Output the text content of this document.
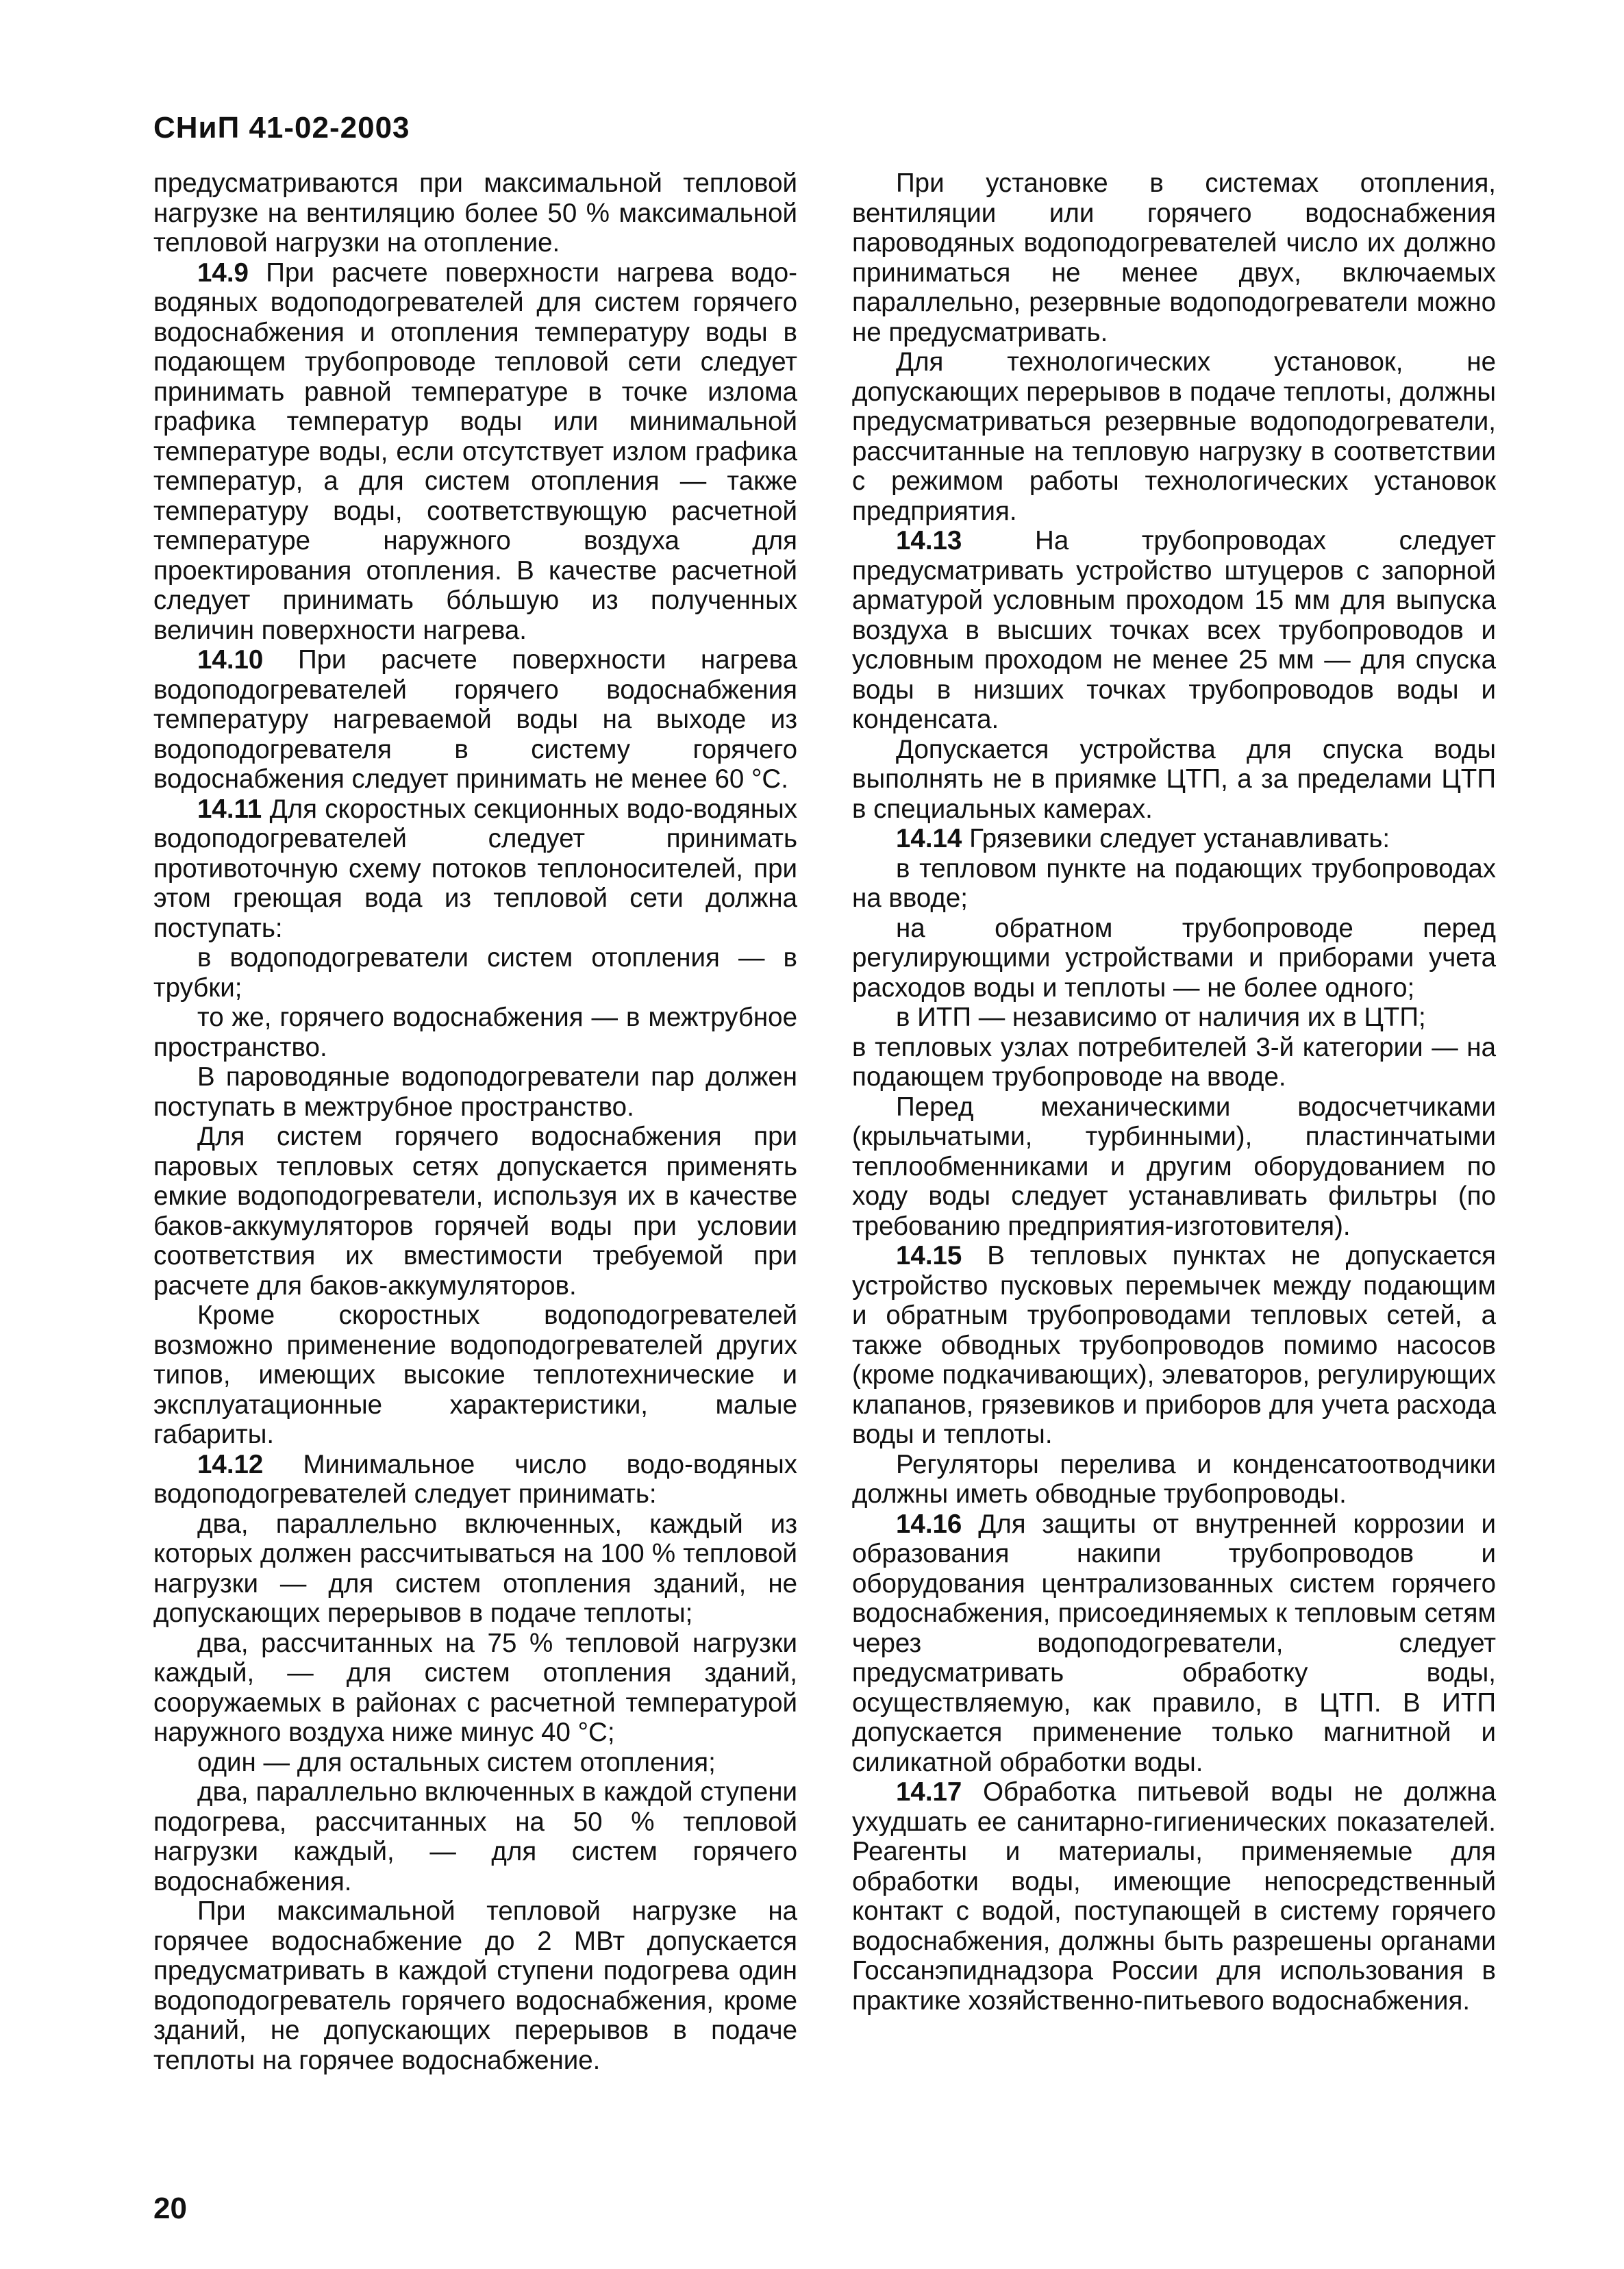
СНиП 41-02-2003

предусматриваются при максимальной тепловой нагрузке на вентиляцию более 50 % максимальной тепловой нагрузки на отопление.

14.9 При расчете поверхности нагрева водо-водяных водоподогревателей для систем горячего водоснабжения и отопления температуру воды в подающем трубопроводе тепловой сети следует принимать равной температуре в точке излома графика температур воды или минимальной температуре воды, если отсутствует излом графика температур, а для систем отопления — также температуру воды, соответствующую расчетной температуре наружного воздуха для проектирования отопления. В качестве расчетной следует принимать бóльшую из полученных величин поверхности нагрева.

14.10 При расчете поверхности нагрева водоподогревателей горячего водоснабжения температуру нагреваемой воды на выходе из водоподогревателя в систему горячего водоснабжения следует принимать не менее 60 °С.

14.11 Для скоростных секционных водо-водяных водоподогревателей следует принимать противоточную схему потоков теплоносителей, при этом греющая вода из тепловой сети должна поступать:

в водоподогреватели систем отопления — в трубки;

то же, горячего водоснабжения — в межтрубное пространство.

В пароводяные водоподогреватели пар должен поступать в межтрубное пространство.

Для систем горячего водоснабжения при паровых тепловых сетях допускается применять емкие водоподогреватели, используя их в качестве баков-аккумуляторов горячей воды при условии соответствия их вместимости требуемой при расчете для баков-аккумуляторов.

Кроме скоростных водоподогревателей возможно применение водоподогревателей других типов, имеющих высокие теплотехнические и эксплуатационные характеристики, малые габариты.

14.12 Минимальное число водо-водяных водоподогревателей следует принимать:

два, параллельно включенных, каждый из которых должен рассчитываться на 100 % тепловой нагрузки — для систем отопления зданий, не допускающих перерывов в подаче теплоты;

два, рассчитанных на 75 % тепловой нагрузки каждый, — для систем отопления зданий, сооружаемых в районах с расчетной температурой наружного воздуха ниже минус 40 °С;

один — для остальных систем отопления;

два, параллельно включенных в каждой ступени подогрева, рассчитанных на 50 % тепловой нагрузки каждый, — для систем горячего водоснабжения.

При максимальной тепловой нагрузке на горячее водоснабжение до 2 МВт допускается предусматривать в каждой ступени подогрева один водоподогреватель горячего водоснабжения, кроме зданий, не допускающих перерывов в подаче теплоты на горячее водоснабжение.

При установке в системах отопления, вентиляции или горячего водоснабжения пароводяных водоподогревателей число их должно приниматься не менее двух, включаемых параллельно, резервные водоподогреватели можно не предусматривать.

Для технологических установок, не допускающих перерывов в подаче теплоты, должны предусматриваться резервные водоподогреватели, рассчитанные на тепловую нагрузку в соответствии с режимом работы технологических установок предприятия.

14.13	На трубопроводах следует предусматривать устройство штуцеров с запорной арматурой условным проходом 15 мм для выпуска воздуха в высших точках всех трубопроводов и условным проходом не менее 25 мм — для спуска воды в низших точках трубопроводов воды и конденсата.

Допускается устройства для спуска воды выполнять не в приямке ЦТП, а за пределами ЦТП в специальных камерах.

14.14 Грязевики следует устанавливать:

в тепловом пункте на подающих трубопроводах на вводе;

на обратном трубопроводе перед регулирующими устройствами и приборами учета расходов воды и теплоты — не более одного;

в ИТП — независимо от наличия их в ЦТП;

в тепловых узлах потребителей 3-й категории — на подающем трубопроводе на вводе.

Перед механическими водосчетчиками (крыльчатыми, турбинными), пластинчатыми теплообменниками и другим оборудованием по ходу воды следует устанавливать фильтры (по требованию предприятия-изготовителя).

14.15 В тепловых пунктах не допускается устройство пусковых перемычек между подающим и обратным трубопроводами тепловых сетей, а также обводных трубопроводов помимо насосов (кроме подкачивающих), элеваторов, регулирующих клапанов, грязевиков и приборов для учета расхода воды и теплоты.

Регуляторы перелива и конденсатоотводчики должны иметь обводные трубопроводы.

14.16 Для защиты от внутренней коррозии и образования накипи трубопроводов и оборудования централизованных систем горячего водоснабжения, присоединяемых к тепловым сетям через водоподогреватели, следует предусматривать обработку воды, осуществляемую, как правило, в ЦТП. В ИТП допускается применение только магнитной и силикатной обработки воды.

14.17 Обработка питьевой воды не должна ухудшать ее санитарно-гигиенических показателей. Реагенты и материалы, применяемые для обработки воды, имеющие непосредственный контакт с водой, поступающей в систему горячего водоснабжения, должны быть разрешены органами Госсанэпиднадзора России для использования в практике хозяйственно-питьевого водоснабжения.

20
